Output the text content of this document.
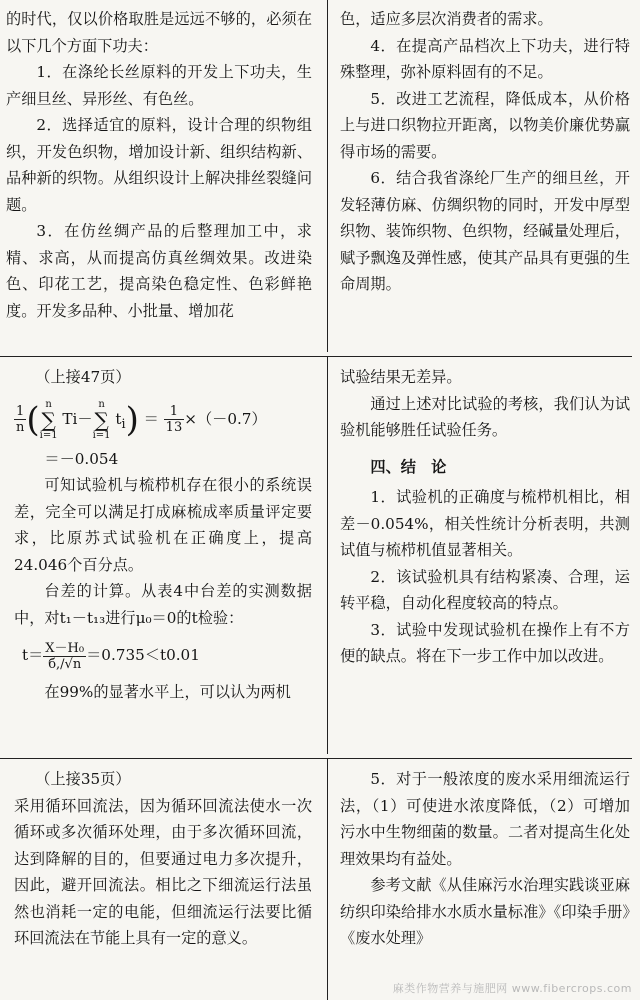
的时代，仅以价格取胜是远远不够的，必须在以下几个方面下功夫：

1．在涤纶长丝原料的开发上下功夫，生产细旦丝、异形丝、有色丝。

2．选择适宜的原料，设计合理的织物组织，开发色织物，增加设计新、组织结构新、品种新的织物。从组织设计上解决排丝裂缝问题。

3．在仿丝绸产品的后整理加工中，求精、求高，从而提高仿真丝绸效果。改进染色、印花工艺，提高染色稳定性、色彩鲜艳度。开发多品种、小批量、增加花

色，适应多层次消费者的需求。

4．在提高产品档次上下功夫，进行特殊整理，弥补原料固有的不足。

5．改进工艺流程，降低成本，从价格上与进口织物拉开距离，以物美价廉优势赢得市场的需要。

6．结合我省涤纶厂生产的细旦丝，开发轻薄仿麻、仿绸织物的同时，开发中厚型织物、装饰织物、色织物，经碱量处理后，赋予飘逸及弹性感，使其产品具有更强的生命周期。

（上接47页）

$\frac{1}{n}$ ( n
∑
i=1 Ti－n
∑
i=1 $t_i) = \frac{1}{13} \times(-0.7)$

＝－0.054

可知试验机与梳栉机存在很小的系统误差，完全可以满足打成麻梳成率质量评定要求，比原苏式试验机在正确度上，提高24.046个百分点。

台差的计算。从表4中台差的实测数据中，对t₁－t₁₃进行μ₀＝0的t检验：

$t= \frac{\text{X－H₀}}{б,/√n} =0.735<t0.01$

在99%的显著水平上，可以认为两机

试验结果无差异。

通过上述对比试验的考核，我们认为试验机能够胜任试验任务。

四、结　论

1．试验机的正确度与梳栉机相比，相差－0.054%，相关性统计分析表明，共测试值与梳栉机值显著相关。

2．该试验机具有结构紧凑、合理，运转平稳，自动化程度较高的特点。

3．试验中发现试验机在操作上有不方便的缺点。将在下一步工作中加以改进。

（上接35页）

采用循环回流法，因为循环回流法使水一次循环或多次循环处理，由于多次循环回流，达到降解的目的，但要通过电力多次提升，因此，避开回流法。相比之下细流运行法虽然也消耗一定的电能，但细流运行法要比循环回流法在节能上具有一定的意义。

5．对于一般浓度的废水采用细流运行法，（1）可使进水浓度降低，（2）可增加污水中生物细菌的数量。二者对提高生化处理效果均有益处。

参考文献《从佳麻污水治理实践谈亚麻纺织印染给排水水质水量标准》《印染手册》《废水处理》

麻类作物营养与施肥网 www.fibercrops.com
